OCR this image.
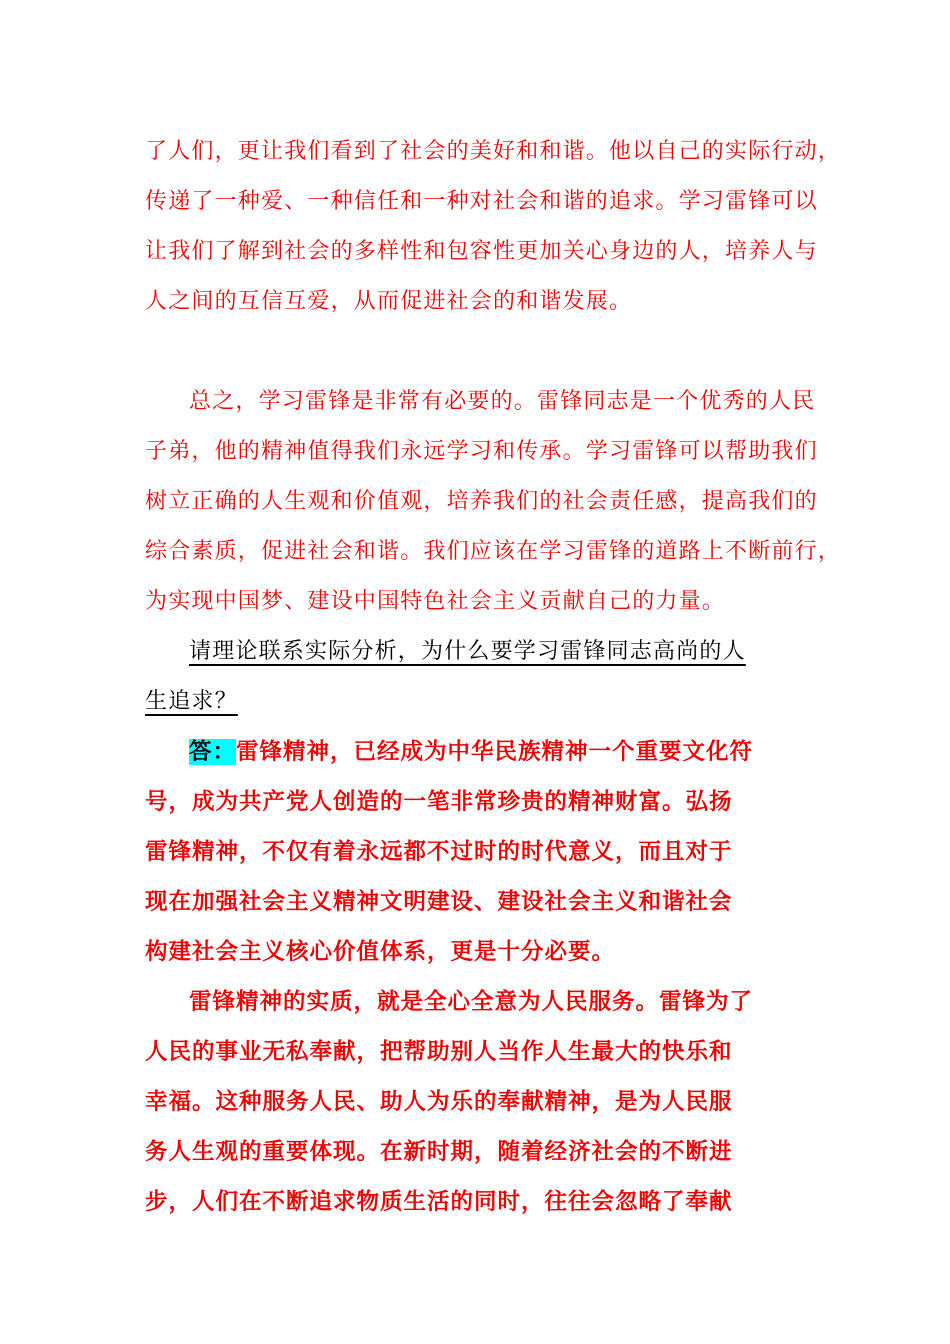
了人们，更让我们看到了社会的美好和和谐。他以自己的实际行动，
传递了一种爱、一种信任和一种对社会和谐的追求。学习雷锋可以
让我们了解到社会的多样性和包容性更加关心身边的人，培养人与
人之间的互信互爱，从而促进社会的和谐发展。
总之，学习雷锋是非常有必要的。雷锋同志是一个优秀的人民
子弟，他的精神值得我们永远学习和传承。学习雷锋可以帮助我们
树立正确的人生观和价值观，培养我们的社会责任感，提高我们的
综合素质，促进社会和谐。我们应该在学习雷锋的道路上不断前行，
为实现中国梦、建设中国特色社会主义贡献自己的力量。
请理论联系实际分析，为什么要学习雷锋同志高尚的人
生追求？
答：雷锋精神，已经成为中华民族精神一个重要文化符
号，成为共产党人创造的一笔非常珍贵的精神财富。弘扬
雷锋精神，不仅有着永远都不过时的时代意义，而且对于
现在加强社会主义精神文明建设、建设社会主义和谐社会
构建社会主义核心价值体系，更是十分必要。
雷锋精神的实质，就是全心全意为人民服务。雷锋为了
人民的事业无私奉献，把帮助别人当作人生最大的快乐和
幸福。这种服务人民、助人为乐的奉献精神，是为人民服
务人生观的重要体现。在新时期，随着经济社会的不断进
步，人们在不断追求物质生活的同时，往往会忽略了奉献
